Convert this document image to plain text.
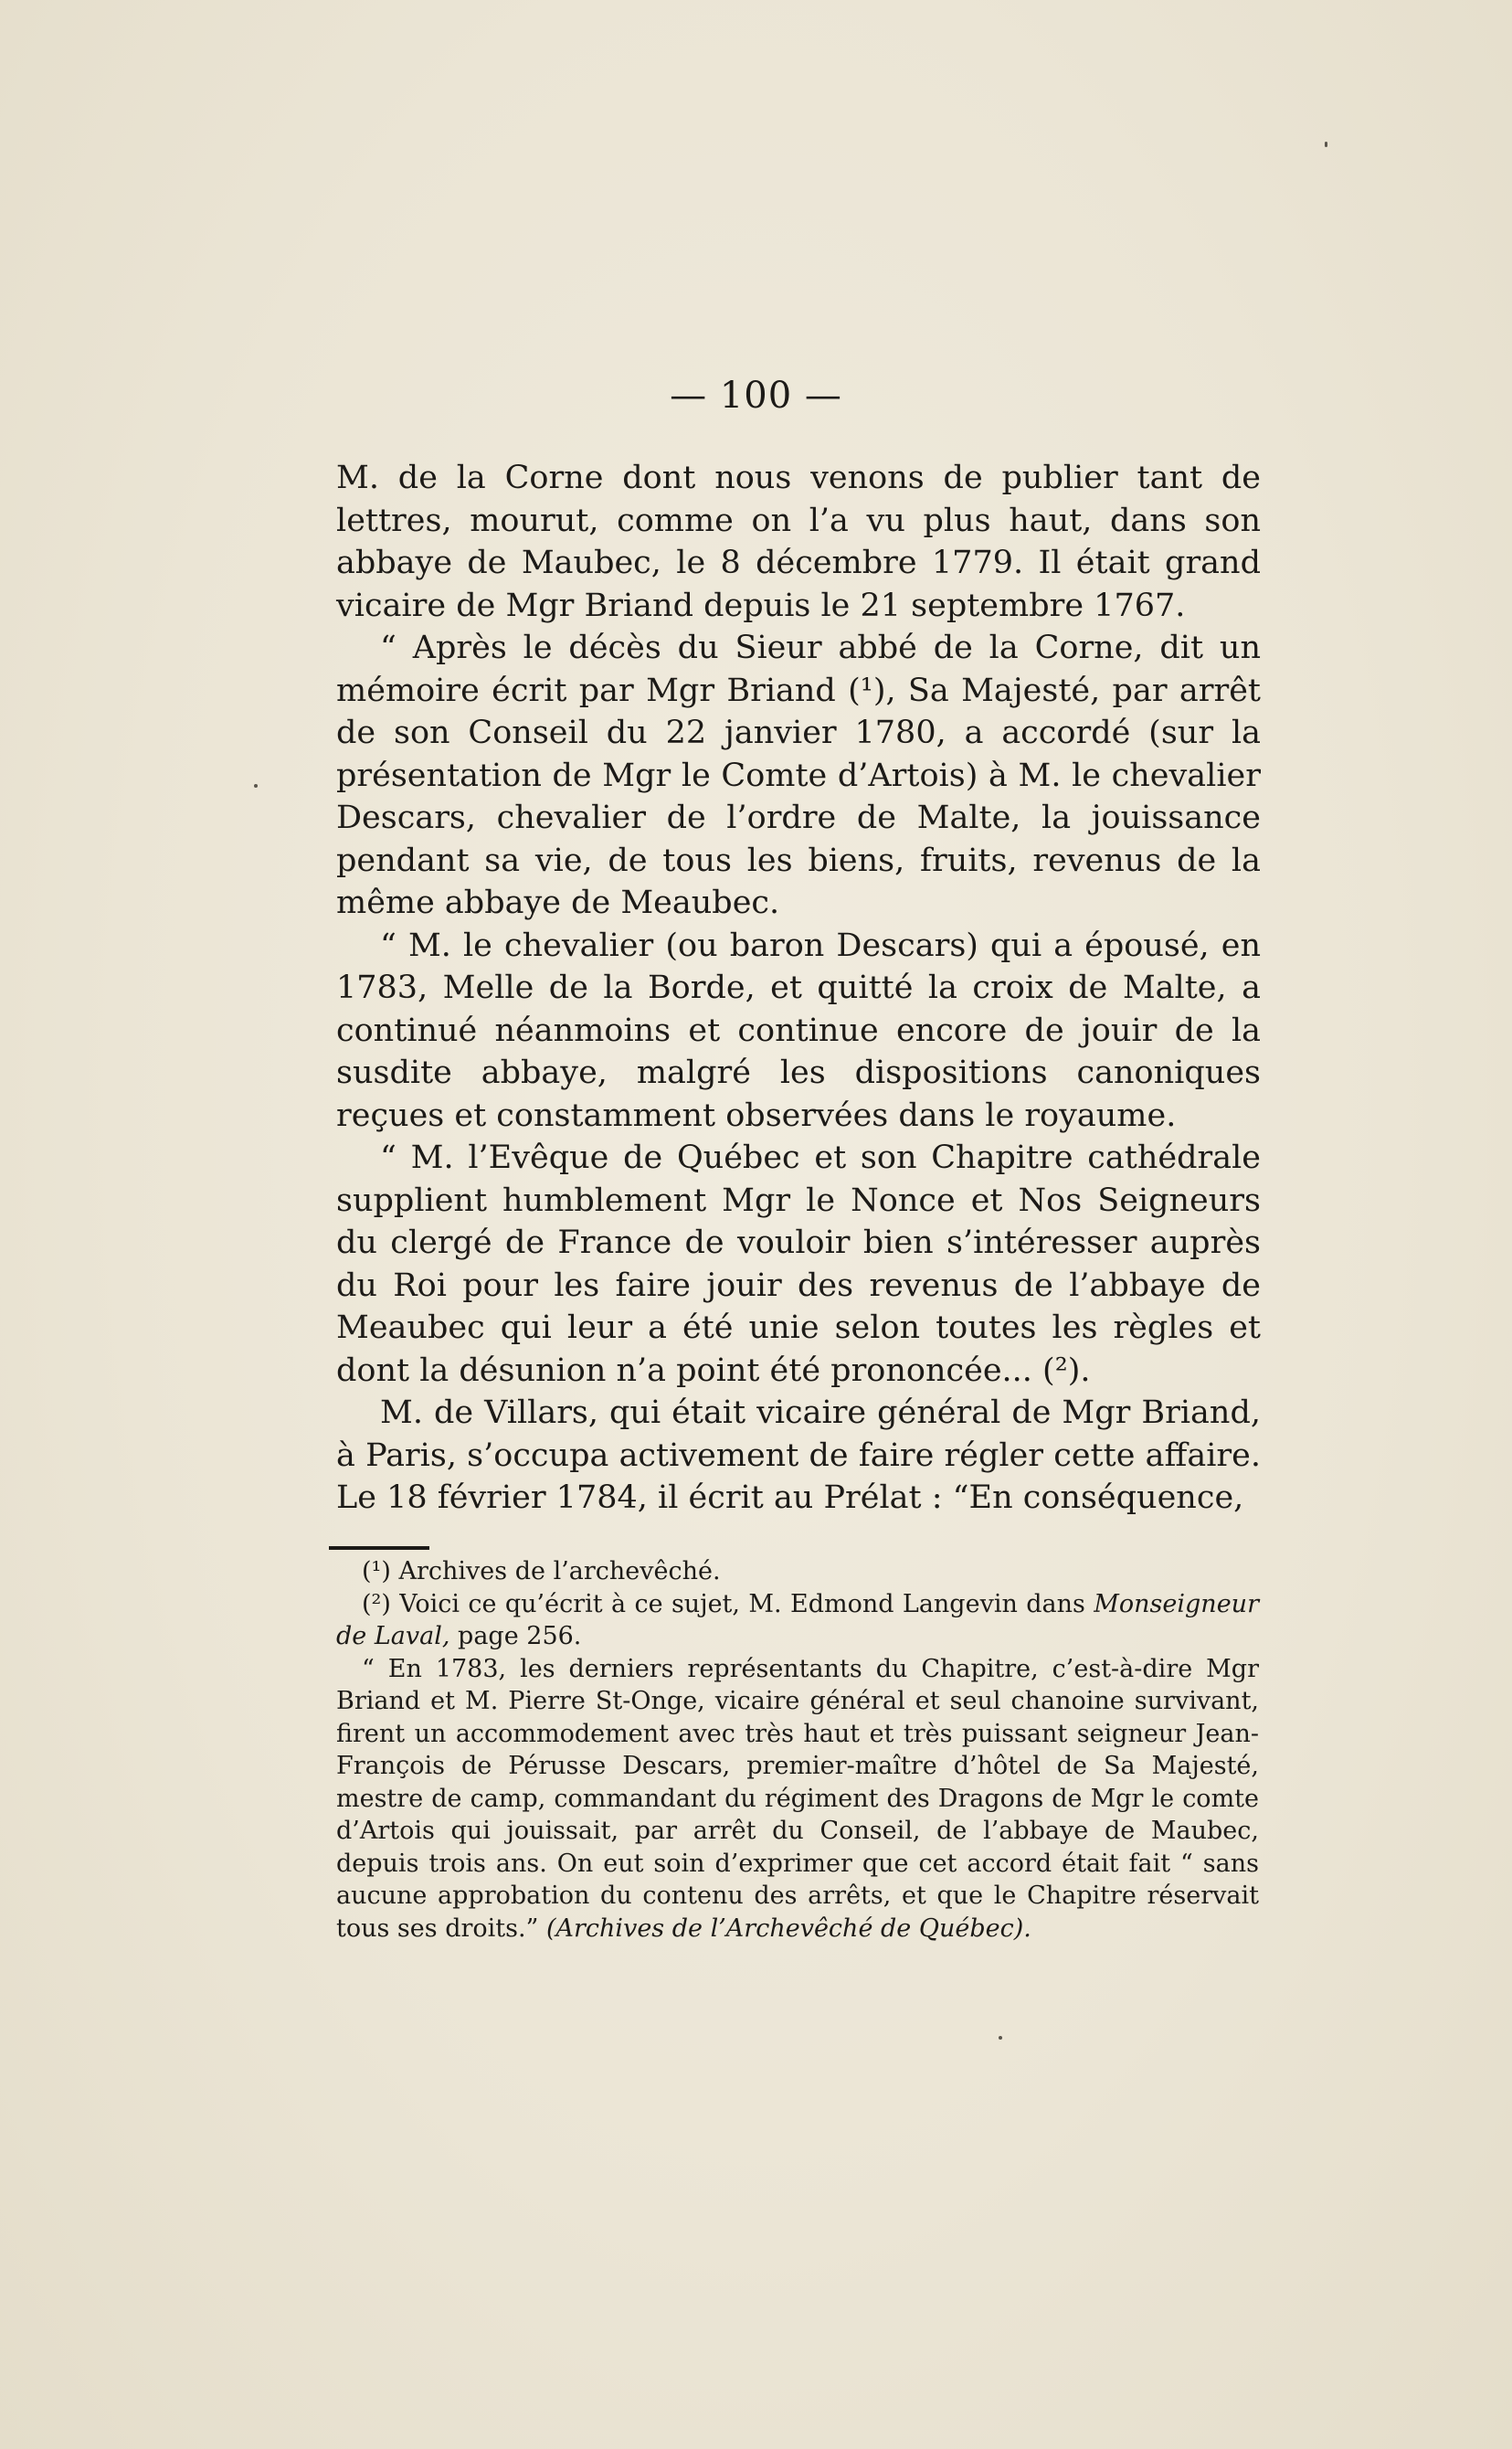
— 100 —

M. de la Corne dont nous venons de publier tant de lettres, mourut, comme on l’a vu plus haut, dans son abbaye de Maubec, le 8 décembre 1779. Il était grand vicaire de Mgr Briand depuis le 21 septembre 1767.

“ Après le décès du Sieur abbé de la Corne, dit un mémoire écrit par Mgr Briand (¹), Sa Majesté, par arrêt de son Conseil du 22 janvier 1780, a accordé (sur la présentation de Mgr le Comte d’Artois) à M. le chevalier Descars, chevalier de l’ordre de Malte, la jouissance pendant sa vie, de tous les biens, fruits, revenus de la même abbaye de Meaubec.

“ M. le chevalier (ou baron Descars) qui a épousé, en 1783, Melle de la Borde, et quitté la croix de Malte, a continué néanmoins et continue encore de jouir de la susdite abbaye, malgré les dispositions canoniques reçues et constamment observées dans le royaume.

“ M. l’Evêque de Québec et son Chapitre cathédrale supplient humblement Mgr le Nonce et Nos Seigneurs du clergé de France de vouloir bien s’intéresser auprès du Roi pour les faire jouir des revenus de l’abbaye de Meaubec qui leur a été unie selon toutes les règles et dont la désunion n’a point été prononcée... (²).

M. de Villars, qui était vicaire général de Mgr Briand, à Paris, s’occupa activement de faire régler cette affaire. Le 18 février 1784, il écrit au Prélat : “En conséquence,

(¹) Archives de l’archevêché.

(²) Voici ce qu’écrit à ce sujet, M. Edmond Langevin dans Monseigneur de Laval, page 256.

“ En 1783, les derniers représentants du Chapitre, c’est-à-dire Mgr Briand et M. Pierre St-Onge, vicaire général et seul chanoine survivant, firent un accommodement avec très haut et très puissant seigneur Jean-François de Pérusse Descars, premier-maître d’hôtel de Sa Majesté, mestre de camp, commandant du régiment des Dragons de Mgr le comte d’Artois qui jouissait, par arrêt du Conseil, de l’abbaye de Maubec, depuis trois ans. On eut soin d’exprimer que cet accord était fait “ sans aucune approbation du contenu des arrêts, et que le Chapitre réservait tous ses droits.” (Archives de l’Archevêché de Québec).
